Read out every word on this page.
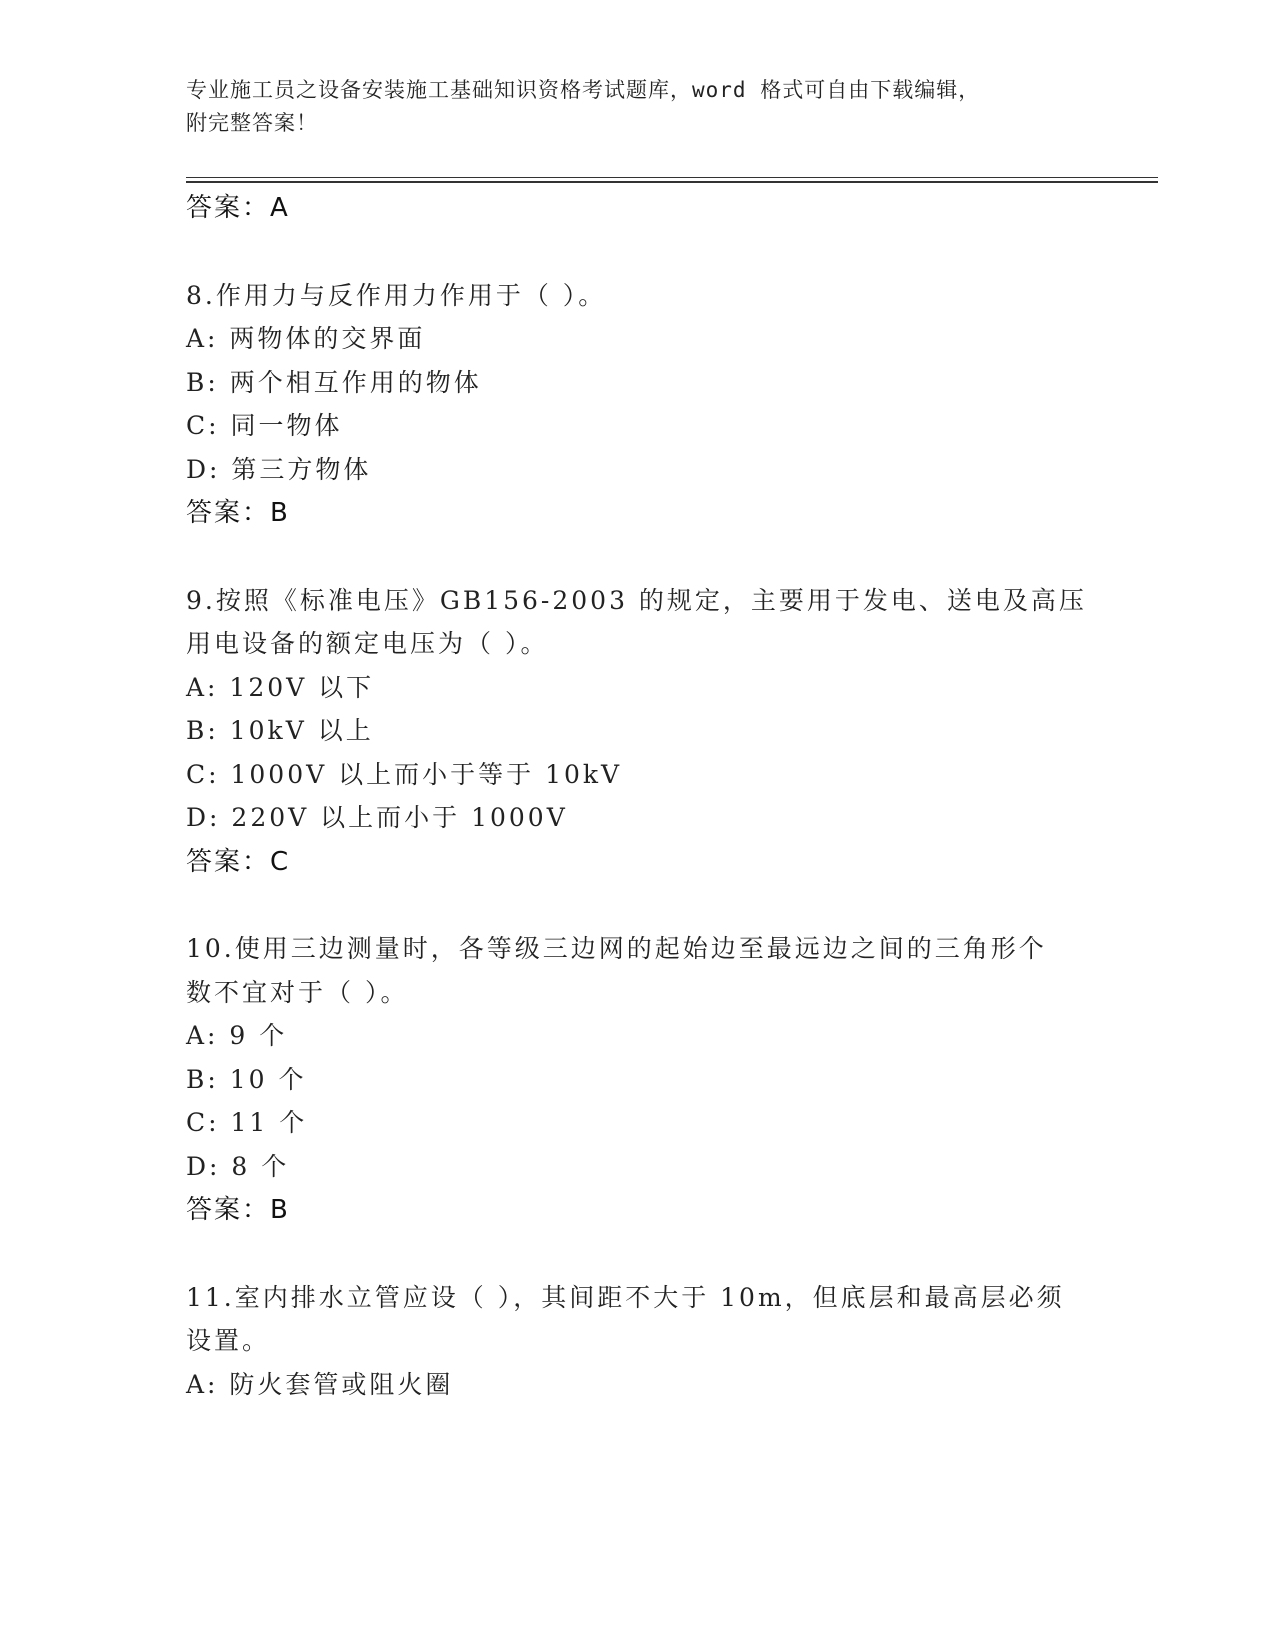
专业施工员之设备安装施工基础知识资格考试题库，word 格式可自由下载编辑，
附完整答案！
答案：A
8.作用力与反作用力作用于（ ）。
A: 两物体的交界面
B: 两个相互作用的物体
C: 同一物体
D: 第三方物体
答案：B
9.按照《标准电压》GB156-2003 的规定，主要用于发电、送电及高压
用电设备的额定电压为（ ）。
A: 120V 以下
B: 10kV 以上
C: 1000V 以上而小于等于 10kV
D: 220V 以上而小于 1000V
答案：C
10.使用三边测量时，各等级三边网的起始边至最远边之间的三角形个
数不宜对于（ ）。
A: 9 个
B: 10 个
C: 11 个
D: 8 个
答案：B
11.室内排水立管应设（ ），其间距不大于 10m，但底层和最高层必须
设置。
A: 防火套管或阻火圈
